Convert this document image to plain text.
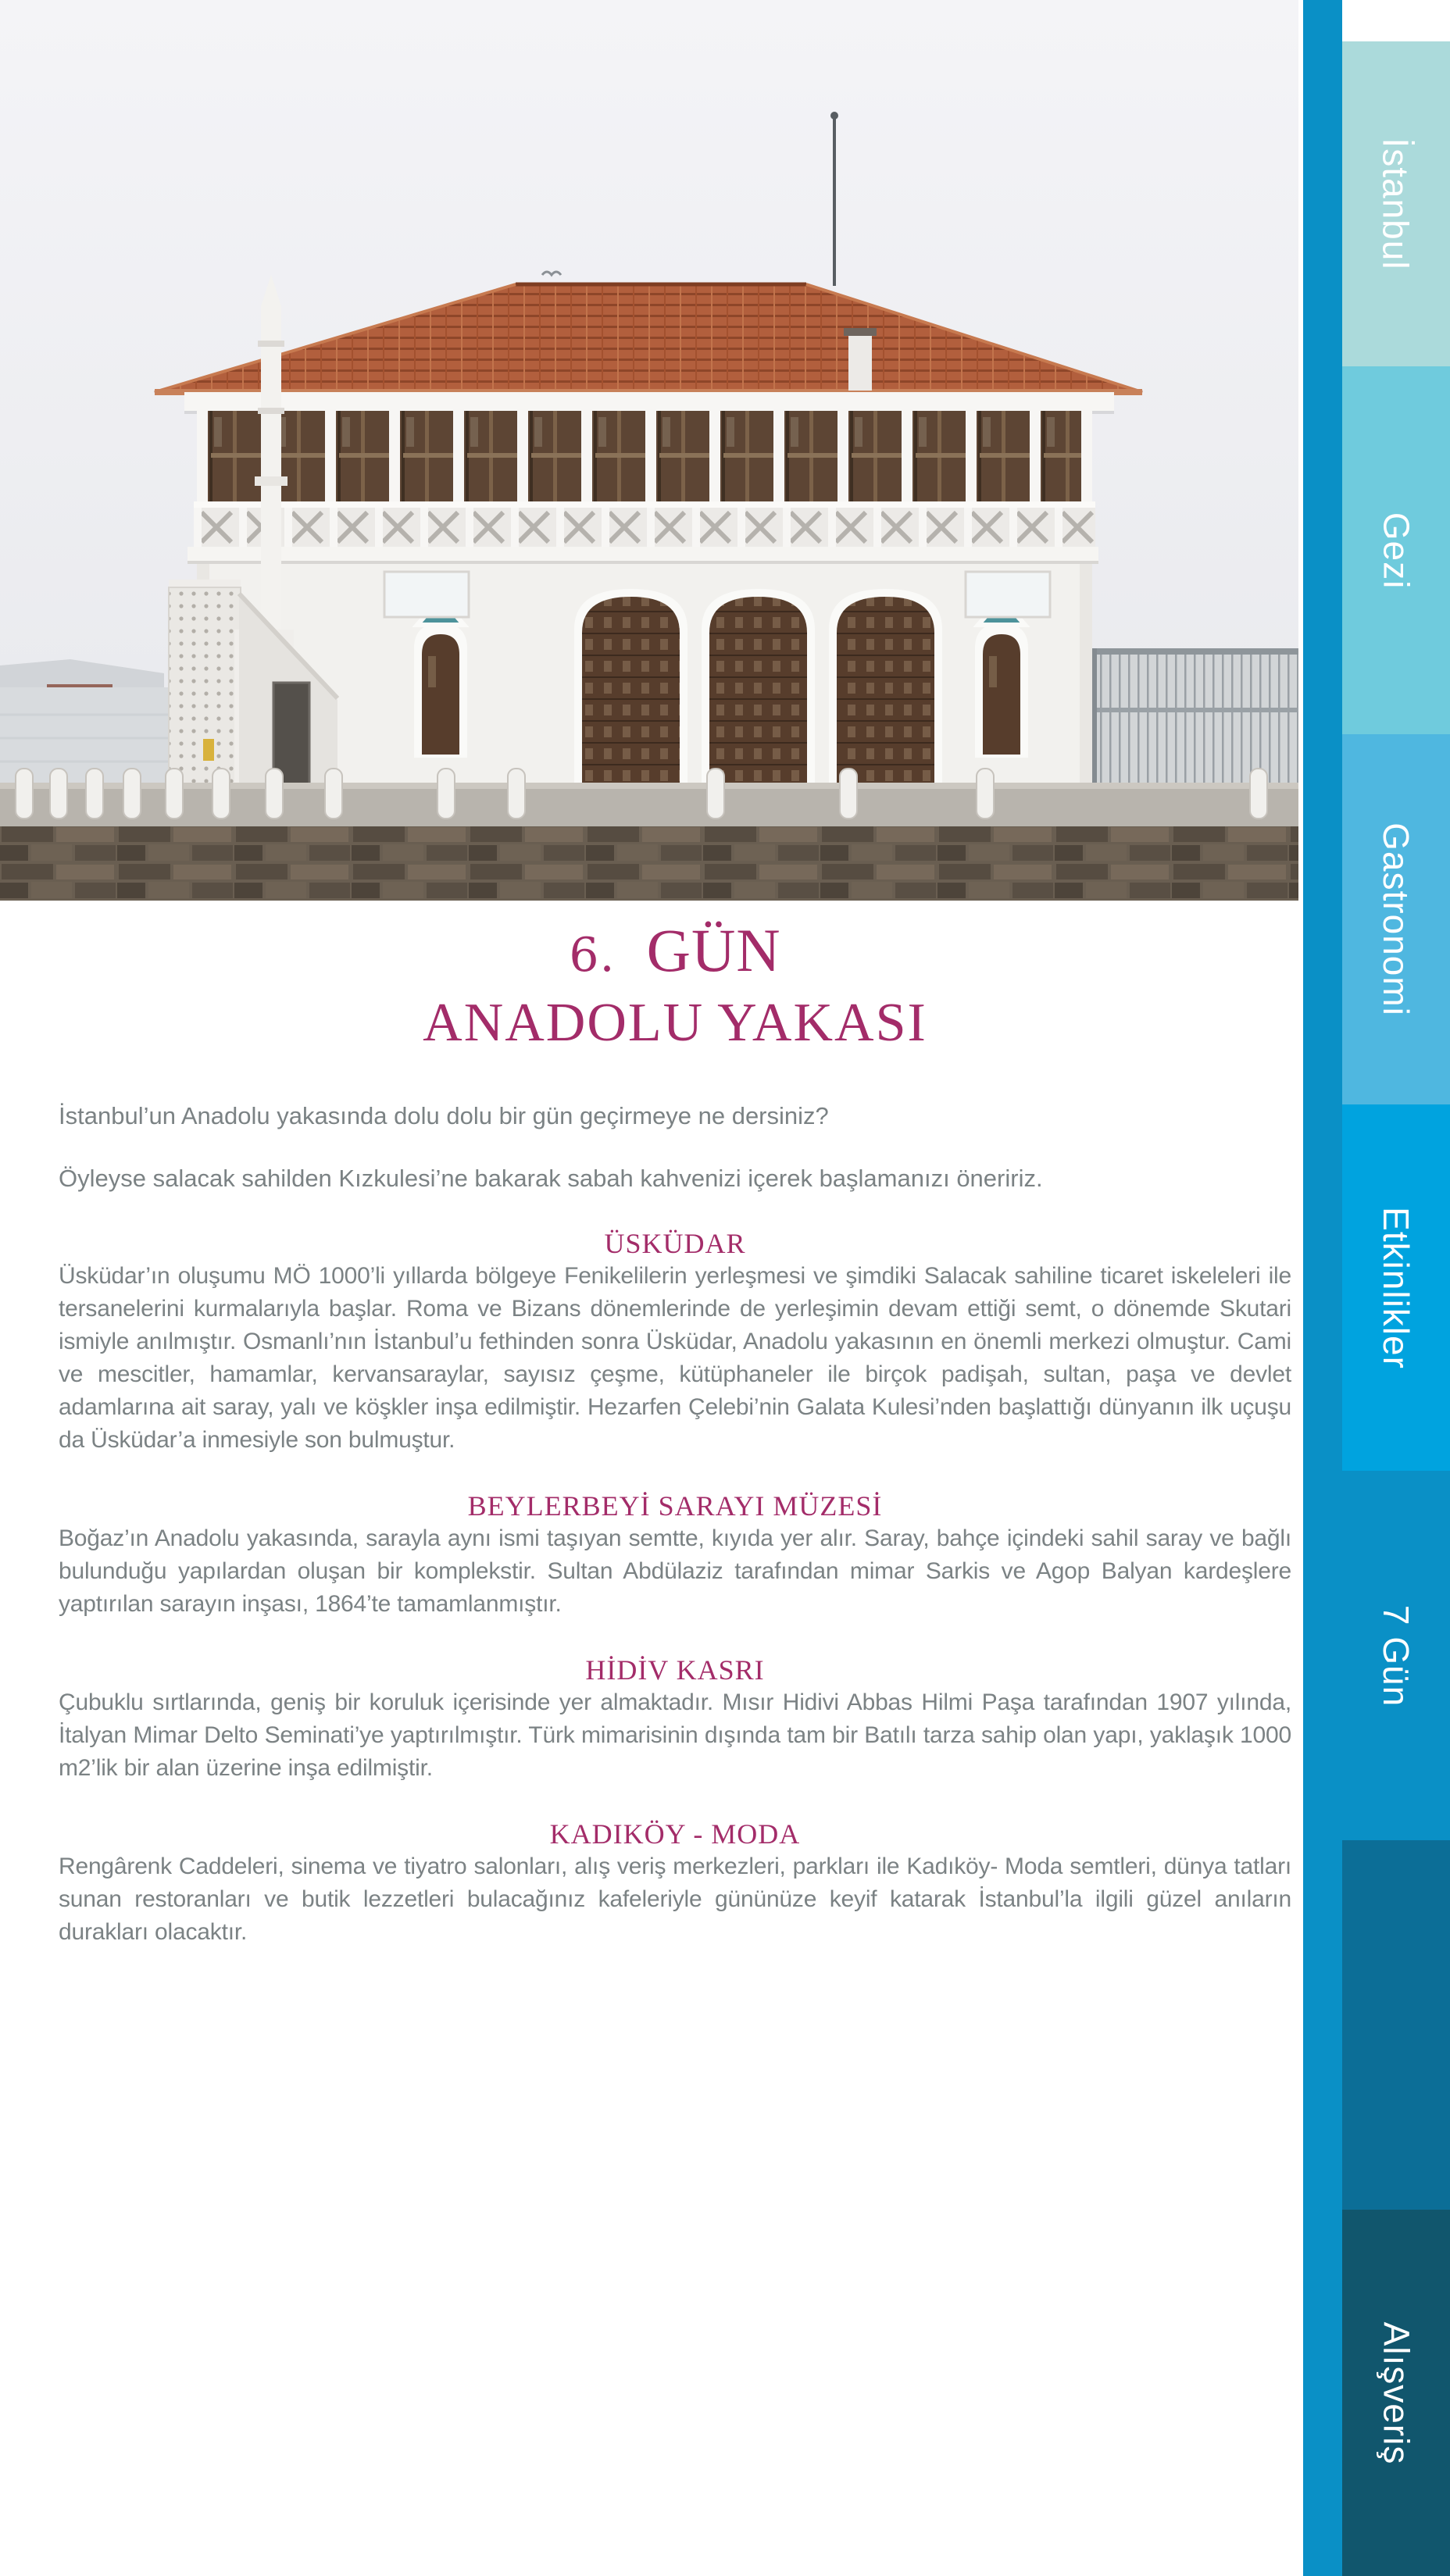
İstanbul
Gezi
Gastronomi
Etkinlikler
7 Gün
Alışveriş
6. GÜN
ANADOLU YAKASI

İstanbul’un Anadolu yakasında dolu dolu bir gün geçirmeye ne dersiniz?

Öyleyse salacak sahilden Kızkulesi’ne bakarak sabah kahvenizi içerek başlamanızı öneririz.

ÜSKÜDAR

Üsküdar’ın oluşumu MÖ 1000’li yıllarda bölgeye Fenikelilerin yerleşmesi ve şimdiki Salacak sahiline ticaret iskeleleri ile tersanelerini kurmalarıyla başlar. Roma ve Bizans dönemlerinde de yerleşimin devam ettiği semt, o dönemde Skutari ismiyle anılmıştır. Osmanlı’nın İstanbul’u fethinden sonra Üsküdar, Anadolu yakasının en önemli merkezi olmuştur. Cami ve mescitler, hamamlar, kervansaraylar, sayısız çeşme, kütüphaneler ile birçok padişah, sultan, paşa ve devlet adamlarına ait saray, yalı ve köşkler inşa edilmiştir. Hezarfen Çelebi’nin Galata Kulesi’nden başlattığı dünyanın ilk uçuşu da Üsküdar’a inmesiyle son bulmuştur.

BEYLERBEYİ SARAYI MÜZESİ

Boğaz’ın Anadolu yakasında, sarayla aynı ismi taşıyan semtte, kıyıda yer alır. Saray, bahçe içindeki sahil saray ve bağlı bulunduğu yapılardan oluşan bir komplekstir. Sultan Abdülaziz tarafından mimar Sarkis ve Agop Balyan kardeşlere yaptırılan sarayın inşası, 1864’te tamamlanmıştır.

HİDİV KASRI

Çubuklu sırtlarında, geniş bir koruluk içerisinde yer almaktadır. Mısır Hidivi Abbas Hilmi Paşa tarafından 1907 yılında, İtalyan Mimar Delto Seminati’ye yaptırılmıştır. Türk mimarisinin dışında tam bir Batılı tarza sahip olan yapı, yaklaşık 1000 m2’lik bir alan üzerine inşa edilmiştir.

KADIKÖY - MODA

Rengârenk Caddeleri, sinema ve tiyatro salonları, alış veriş merkezleri, parkları ile Kadıköy- Moda semtleri, dünya tatları sunan restoranları ve butik lezzetleri bulacağınız kafeleriyle gününüze keyif katarak İstanbul’la ilgili güzel anıların durakları olacaktır.
